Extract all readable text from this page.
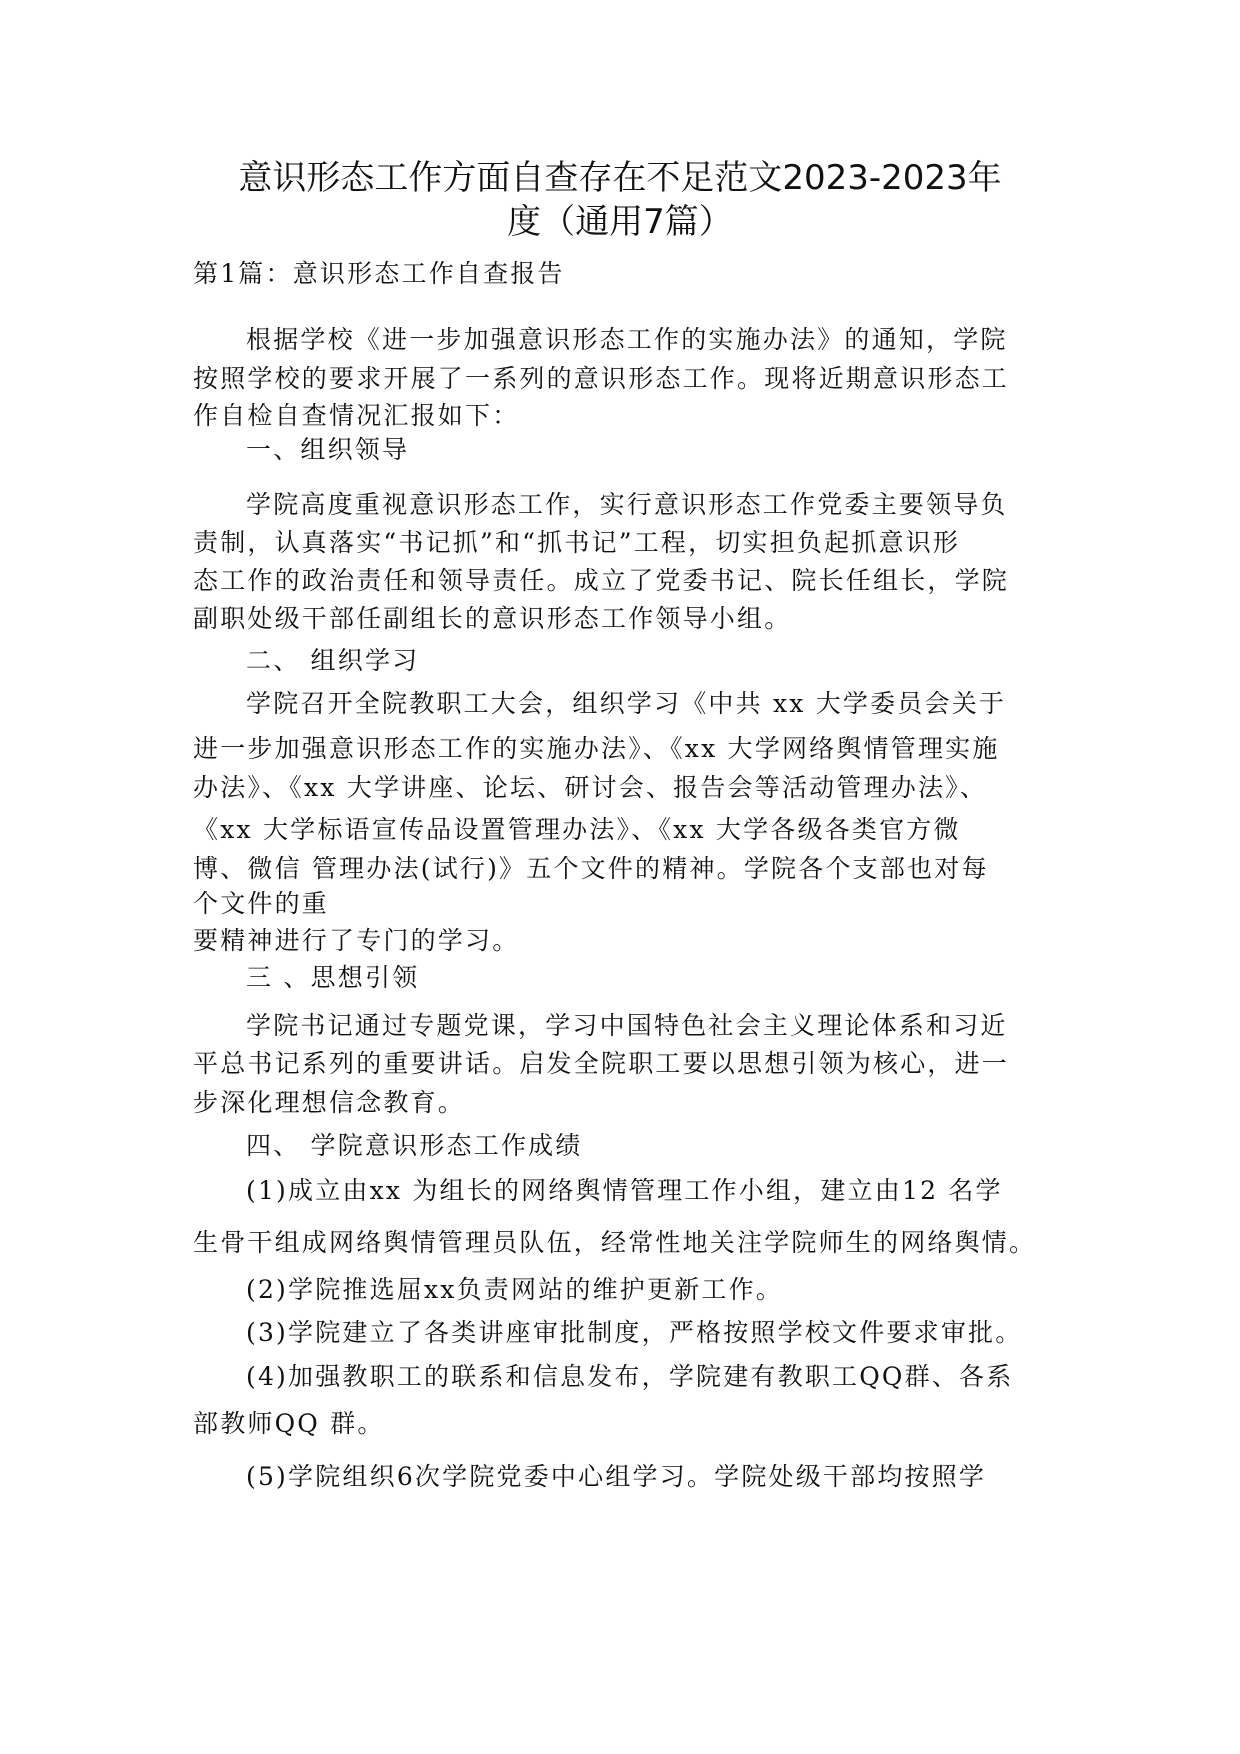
意识形态工作方面自查存在不足范文2023-2023年
度（通用7篇）
第1篇：意识形态工作自查报告
根据学校《进一步加强意识形态工作的实施办法》的通知，学院
按照学校的要求开展了一系列的意识形态工作。现将近期意识形态工
作自检自查情况汇报如下：
一、组织领导
学院高度重视意识形态工作，实行意识形态工作党委主要领导负
责制，认真落实“书记抓”和“抓书记”工程，切实担负起抓意识形
态工作的政治责任和领导责任。成立了党委书记、院长任组长，学院
副职处级干部任副组长的意识形态工作领导小组。
二、 组织学习
学院召开全院教职工大会，组织学习《中共 xx 大学委员会关于
进一步加强意识形态工作的实施办法》、《xx 大学网络舆情管理实施
办法》、《xx 大学讲座、论坛、研讨会、报告会等活动管理办法》、
《xx 大学标语宣传品设置管理办法》、《xx 大学各级各类官方微
博、微信 管理办法(试行)》五个文件的精神。学院各个支部也对每
个文件的重
要精神进行了专门的学习。
三 、思想引领
学院书记通过专题党课，学习中国特色社会主义理论体系和习近
平总书记系列的重要讲话。启发全院职工要以思想引领为核心，进一
步深化理想信念教育。
四、 学院意识形态工作成绩
(1)成立由xx 为组长的网络舆情管理工作小组，建立由12 名学
生骨干组成网络舆情管理员队伍，经常性地关注学院师生的网络舆情。
(2)学院推选屈xx负责网站的维护更新工作。
(3)学院建立了各类讲座审批制度，严格按照学校文件要求审批。
(4)加强教职工的联系和信息发布，学院建有教职工QQ群、各系
部教师QQ 群。
(5)学院组织6次学院党委中心组学习。学院处级干部均按照学
